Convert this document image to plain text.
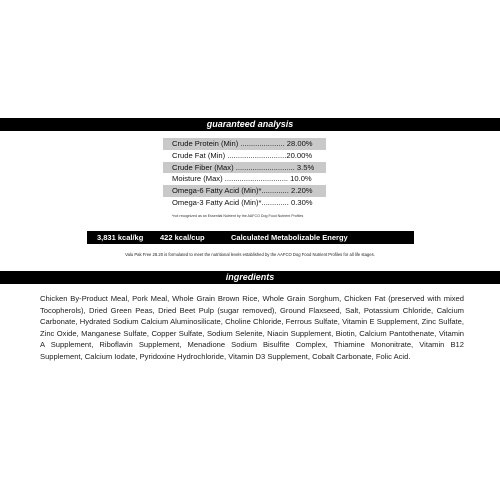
guaranteed analysis
Crude Protein (Min) ..................... 28.00%
Crude Fat (Min) ............................20.00%
Crude Fiber (Max) ............................ 3.5%
Moisture (Max) .............................. 10.0%
Omega-6 Fatty Acid (Min)*............. 2.20%
Omega-3 Fatty Acid (Min)*............. 0.30%
*not recognized as an Essential Nutrient by the AAFCO Dog Food Nutrient Profiles
3,831 kcal/kg 422 kcal/cup	Calculated Metabolizable Energy
Valu Pak Free 28.20 is formulated to meet the nutritional levels established by the AAFCO Dog Food Nutrient Profiles for all life stages.
ingredients
Chicken By-Product Meal, Pork Meal, Whole Grain Brown Rice, Whole Grain Sorghum, Chicken Fat (preserved with mixed Tocopherols), Dried Green Peas, Dried Beet Pulp (sugar removed), Ground Flaxseed, Salt, Potassium Chloride, Calcium Carbonate, Hydrated Sodium Calcium Aluminosilicate, Choline Chloride, Ferrous Sulfate, Vitamin E Supplement, Zinc Sulfate, Zinc Oxide, Manganese Sulfate, Copper Sulfate, Sodium Selenite, Niacin Supplement, Biotin, Calcium Pantothenate, Vitamin A Supplement, Riboflavin Supplement, Menadione Sodium Bisulfite Complex, Thiamine Mononitrate, Vitamin B12 Supplement, Calcium Iodate, Pyridoxine Hydrochloride, Vitamin D3 Supplement, Cobalt Carbonate, Folic Acid.
